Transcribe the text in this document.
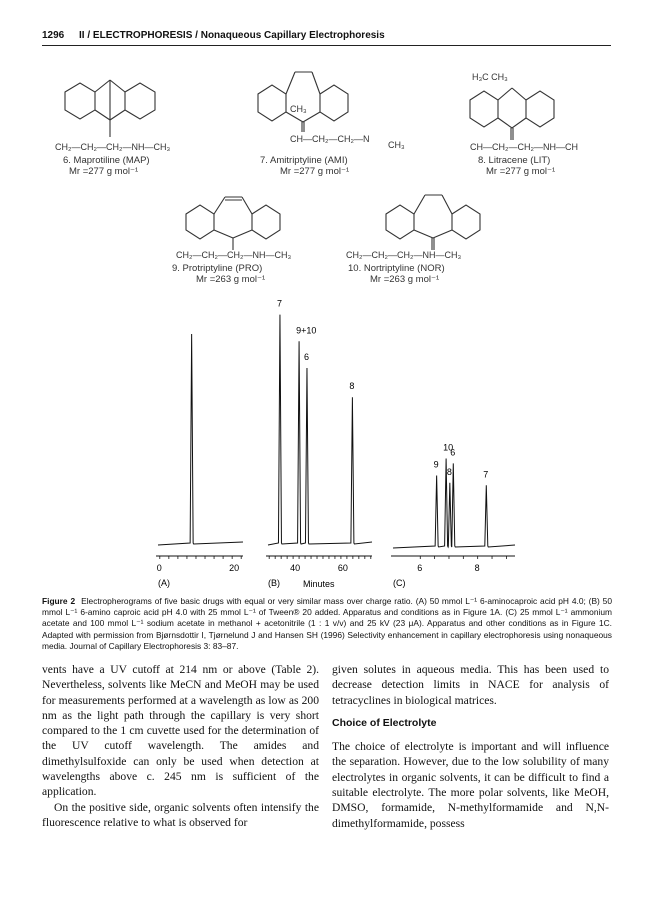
1296 II / ELECTROPHORESIS / Nonaqueous Capillary Electrophoresis
CH₂—CH₂—CH₂—NH—CH₃
6. Maprotiline (MAP)
Mr =277 g mol⁻¹
CH₃
CH—CH₂—CH₂—N
CH₃
7. Amitriptyline (AMI)
Mr =277 g mol⁻¹
H₃C CH₃
CH—CH₂—CH₂—NH—CH
8. Litracene (LIT)
Mr =277 g mol⁻¹
CH₂—CH₂—CH₂—NH—CH₃
9. Protriptyline (PRO)
Mr =263 g mol⁻¹
CH₂—CH₂—CH₂—NH—CH₃
10. Nortriptyline (NOR)
Mr =263 g mol⁻¹
0	20
(A)
7
9+10
6
8
40	60
(B)
9
10
8
6
7
6	8
(C)
Minutes
Figure 2 Electropherograms of five basic drugs with equal or very similar mass over charge ratio. (A) 50 mmol L⁻¹ 6-aminocaproic acid pH 4.0; (B) 50 mmol L⁻¹ 6-amino caproic acid pH 4.0 with 25 mmol L⁻¹ of Tween® 20 added. Apparatus and conditions as in Figure 1A. (C) 25 mmol L⁻¹ ammonium acetate and 100 mmol L⁻¹ sodium acetate in methanol + acetonitrile (1 : 1 v/v) and 25 kV (23 μA). Apparatus and other conditions as in Figure 1C. Adapted with permission from Bjørnsdottir I, Tjørnelund J and Hansen SH (1996) Selectivity enhancement in capillary electrophoresis using nonaqueous media. Journal of Capillary Electrophoresis 3: 83–87.

vents have a UV cutoff at 214 nm or above (Table 2). Nevertheless, solvents like MeCN and MeOH may be used for measurements performed at a wavelength as low as 200 nm as the light path through the capillary is very short compared to the 1 cm cuvette used for the determination of the UV cutoff wavelength. The amides and dimethylsulfoxide can only be used when detection at wavelengths above c. 245 nm is sufficient of the application.

On the positive side, organic solvents often intensify the fluorescence relative to what is observed for

given solutes in aqueous media. This has been used to decrease detection limits in NACE for analysis of tetracyclines in biological matrices.

Choice of Electrolyte

The choice of electrolyte is important and will influence the separation. However, due to the low solubility of many electrolytes in organic solvents, it can be difficult to find a suitable electrolyte. The more polar solvents, like MeOH, DMSO, formamide, N-methylformamide and N,N-dimethylformamide, possess
